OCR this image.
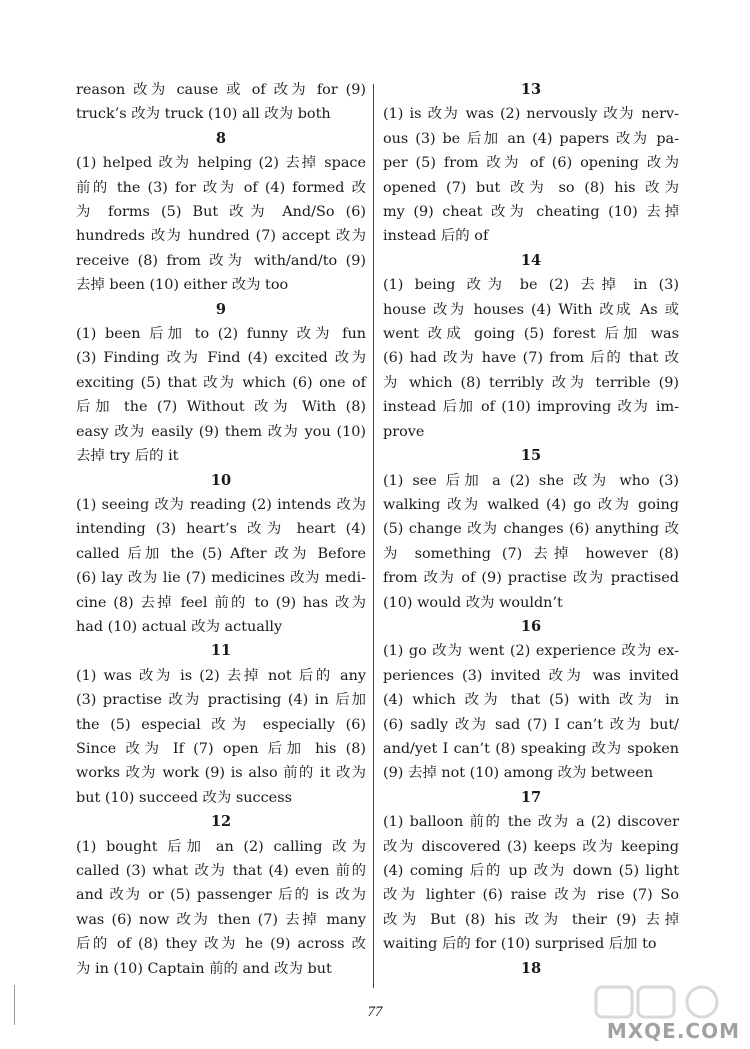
reason 改为 cause 或 of 改为 for (9)
truck’s 改为 truck (10) all 改为 both
8
(1) helped 改为 helping (2) 去掉 space
前的 the (3) for 改为 of (4) formed 改
为 forms (5) But 改为 And/So (6)
hundreds 改为 hundred (7) accept 改为
receive (8) from 改为 with/and/to (9)
去掉 been (10) either 改为 too
9
(1) been 后加 to (2) funny 改为 fun
(3) Finding 改为 Find (4) excited 改为
exciting (5) that 改为 which (6) one of
后加 the (7) Without 改为 With (8)
easy 改为 easily (9) them 改为 you (10)
去掉 try 后的 it
10
(1) seeing 改为 reading (2) intends 改为
intending (3) heart’s 改为 heart (4)
called 后加 the (5) After 改为 Before
(6) lay 改为 lie (7) medicines 改为 medi-
cine (8) 去掉 feel 前的 to (9) has 改为
had (10) actual 改为 actually
11
(1) was 改为 is (2) 去掉 not 后的 any
(3) practise 改为 practising (4) in 后加
the (5) especial 改为 especially (6)
Since 改为 If (7) open 后加 his (8)
works 改为 work (9) is also 前的 it 改为
but (10) succeed 改为 success
12
(1) bought 后加 an (2) calling 改为
called (3) what 改为 that (4) even 前的
and 改为 or (5) passenger 后的 is 改为
was (6) now 改为 then (7) 去掉 many
后的 of (8) they 改为 he (9) across 改
为 in (10) Captain 前的 and 改为 but
13
(1) is 改为 was (2) nervously 改为 nerv-
ous (3) be 后加 an (4) papers 改为 pa-
per (5) from 改为 of (6) opening 改为
opened (7) but 改为 so (8) his 改为
my (9) cheat 改为 cheating (10) 去掉
instead 后的 of
14
(1) being 改为 be (2) 去掉 in (3)
house 改为 houses (4) With 改成 As 或
went 改成 going (5) forest 后加 was
(6) had 改为 have (7) from 后的 that 改
为 which (8) terribly 改为 terrible (9)
instead 后加 of (10) improving 改为 im-
prove
15
(1) see 后加 a (2) she 改为 who (3)
walking 改为 walked (4) go 改为 going
(5) change 改为 changes (6) anything 改
为 something (7) 去掉 however (8)
from 改为 of (9) practise 改为 practised
(10) would 改为 wouldn’t
16
(1) go 改为 went (2) experience 改为 ex-
periences (3) invited 改为 was invited
(4) which 改为 that (5) with 改为 in
(6) sadly 改为 sad (7) I can’t 改为 but/
and/yet I can’t (8) speaking 改为 spoken
(9) 去掉 not (10) among 改为 between
17
(1) balloon 前的 the 改为 a (2) discover
改为 discovered (3) keeps 改为 keeping
(4) coming 后的 up 改为 down (5) light
改为 lighter (6) raise 改为 rise (7) So
改为 But (8) his 改为 their (9) 去掉
waiting 后的 for (10) surprised 后加 to
18
77
MXQE.COM
